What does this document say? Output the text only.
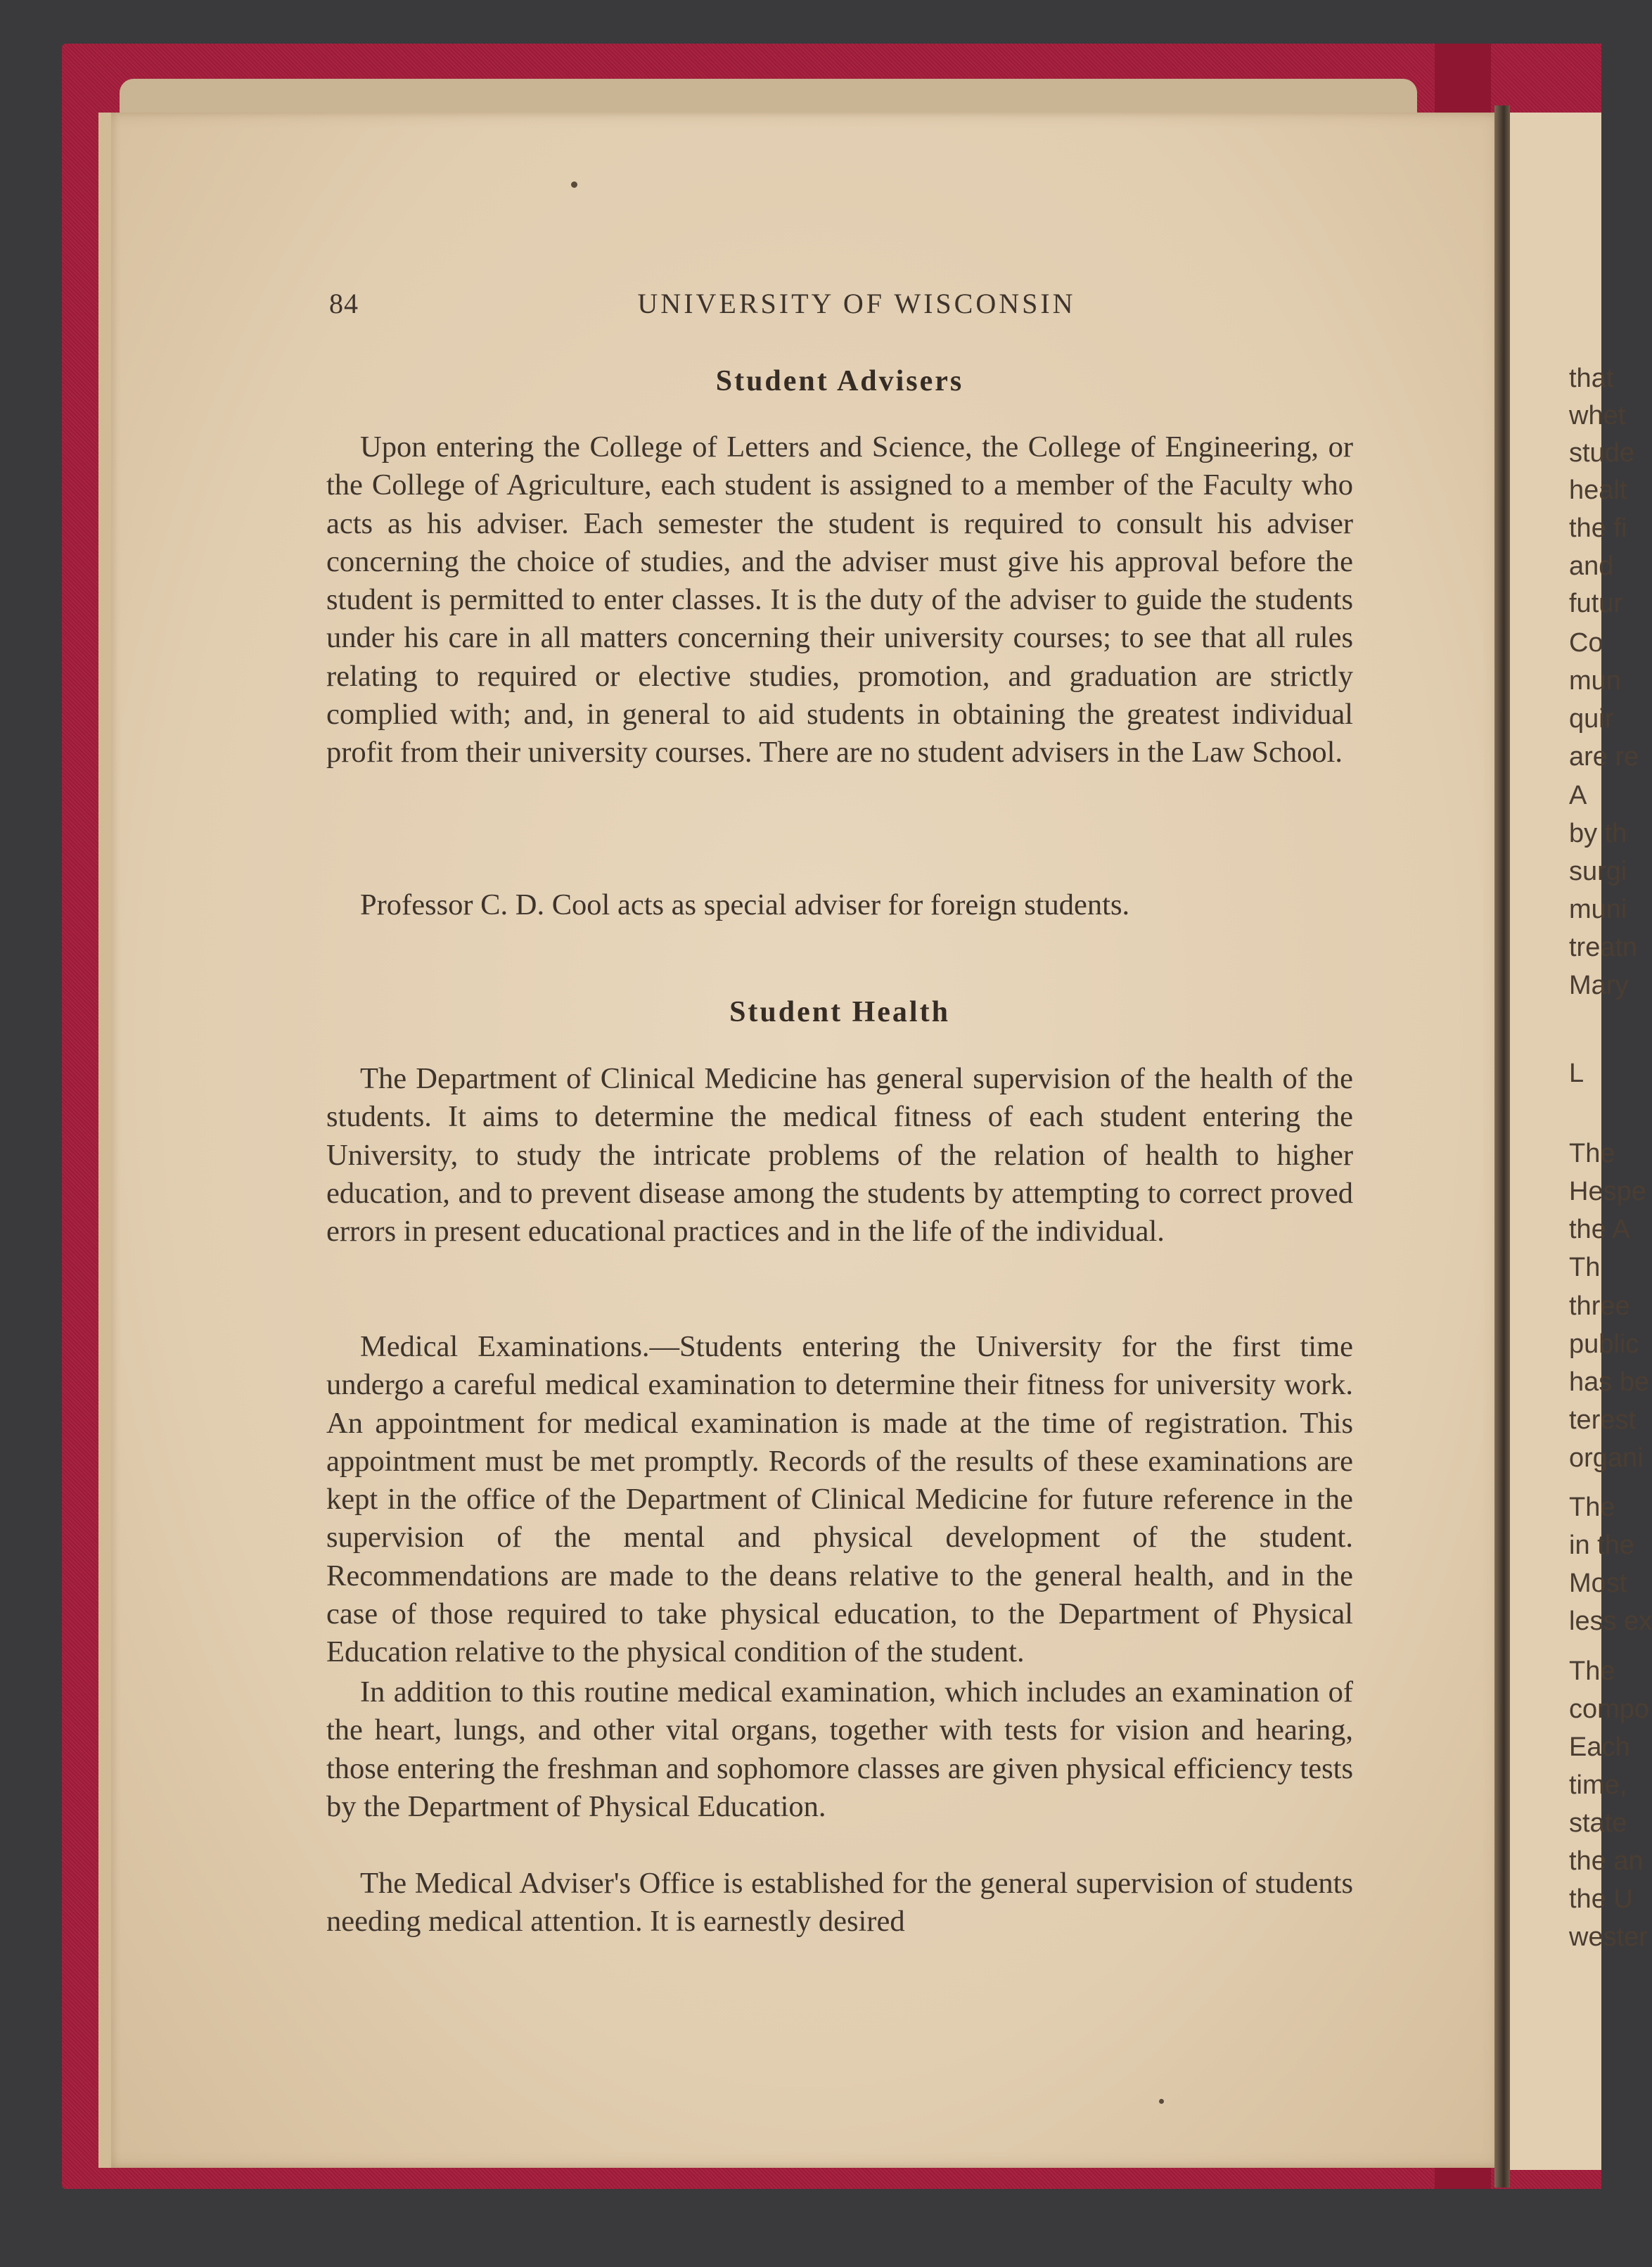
that
whet
stude
healt
the fi
and
futur
Co
mun
quir
are re
A
by th
surgi
muni
treatn
Mary
L
The
Hespe
the A
Th
three
public
has be
terest
organi
The
in the
Most
less ex
The
compo
Each
time,
state
the an
the U
wester
84	UNIVERSITY OF WISCONSIN
Student Advisers

Upon entering the College of Letters and Science, the College of Engineering, or the College of Agriculture, each student is assigned to a member of the Faculty who acts as his adviser. Each semester the student is required to consult his adviser concerning the choice of studies, and the adviser must give his approval before the student is permitted to enter classes. It is the duty of the adviser to guide the students under his care in all matters concerning their university courses; to see that all rules relating to required or elective studies, promotion, and graduation are strictly complied with; and, in general to aid students in obtaining the greatest individual profit from their university courses. There are no student advisers in the Law School.

Professor C. D. Cool acts as special adviser for foreign students.

Student Health

The Department of Clinical Medicine has general supervision of the health of the students. It aims to determine the medical fitness of each student entering the University, to study the intricate problems of the relation of health to higher education, and to prevent disease among the students by attempting to correct proved errors in present educational practices and in the life of the individual.

Medical Examinations.—Students entering the University for the first time undergo a careful medical examination to determine their fitness for university work. An appointment for medical examination is made at the time of registration. This appointment must be met promptly. Records of the results of these examinations are kept in the office of the Department of Clinical Medicine for future reference in the supervision of the mental and physical development of the student. Recommendations are made to the deans relative to the general health, and in the case of those required to take physical education, to the Department of Physical Education relative to the physical condition of the student.

In addition to this routine medical examination, which includes an examination of the heart, lungs, and other vital organs, together with tests for vision and hearing, those entering the freshman and sophomore classes are given physical efficiency tests by the Department of Physical Education.

The Medical Adviser's Office is established for the general supervision of students needing medical attention. It is earnestly desired
